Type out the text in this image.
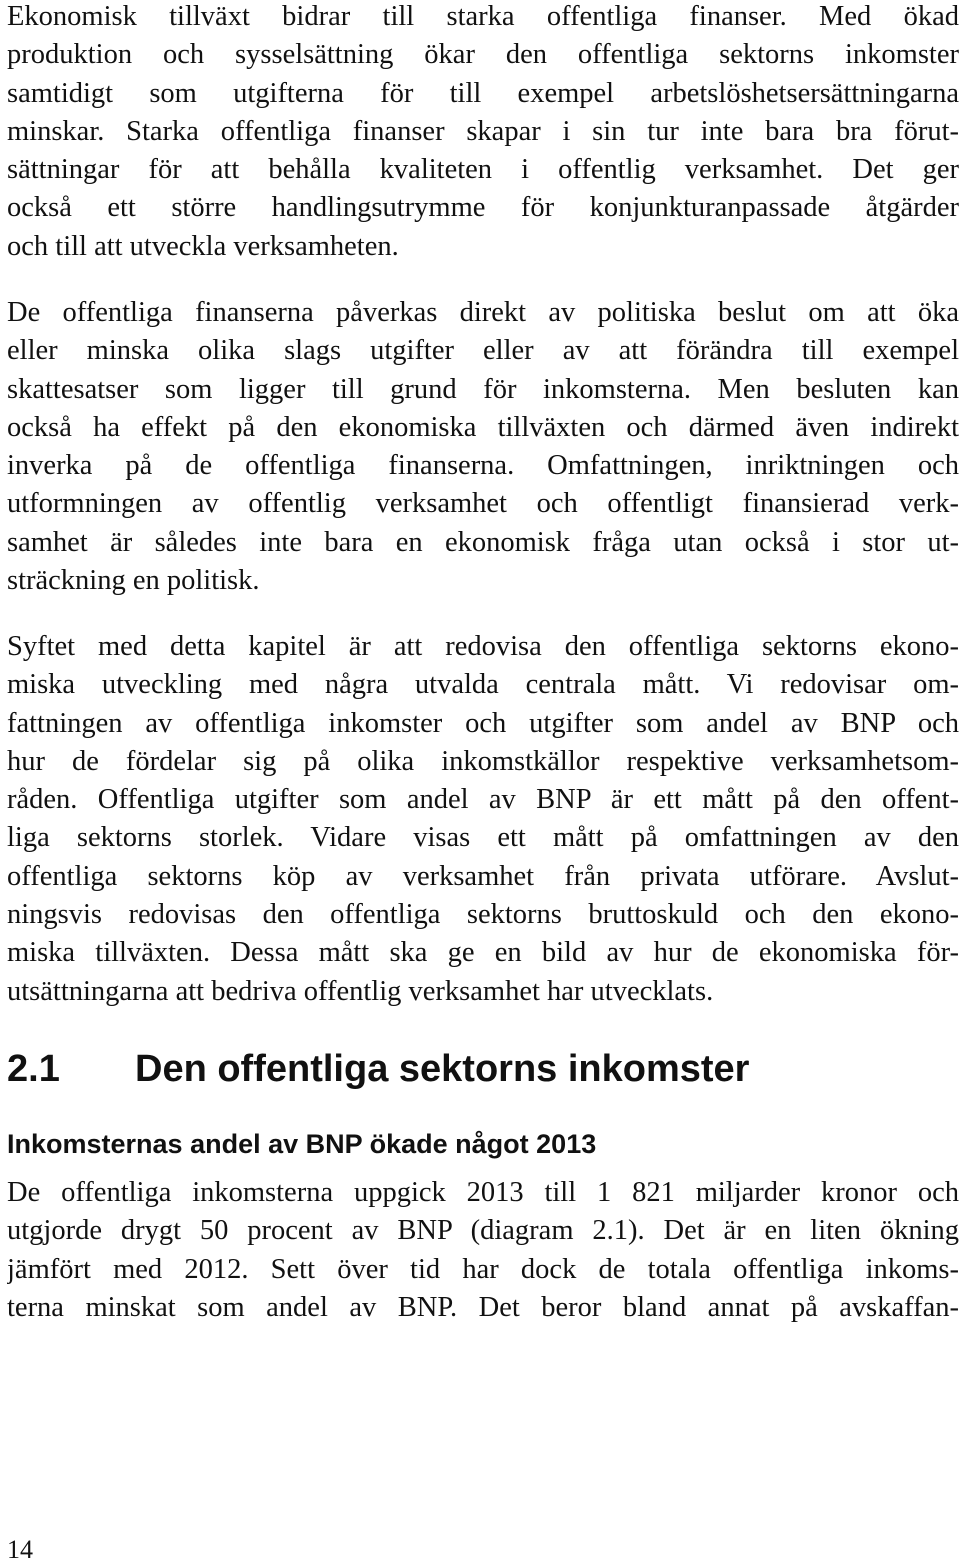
Ekonomisk tillväxt bidrar till starka offentliga finanser. Med ökad
produktion och sysselsättning ökar den offentliga sektorns inkomster
samtidigt som utgifterna för till exempel arbetslöshetsersättningarna
minskar. Starka offentliga finanser skapar i sin tur inte bara bra förut-
sättningar för att behålla kvaliteten i offentlig verksamhet. Det ger
också ett större handlingsutrymme för konjunkturanpassade åtgärder
och till att utveckla verksamheten.
De offentliga finanserna påverkas direkt av politiska beslut om att öka
eller minska olika slags utgifter eller av att förändra till exempel
skattesatser som ligger till grund för inkomsterna. Men besluten kan
också ha effekt på den ekonomiska tillväxten och därmed även indirekt
inverka på de offentliga finanserna. Omfattningen, inriktningen och
utformningen av offentlig verksamhet och offentligt finansierad verk-
samhet är således inte bara en ekonomisk fråga utan också i stor ut-
sträckning en politisk.
Syftet med detta kapitel är att redovisa den offentliga sektorns ekono-
miska utveckling med några utvalda centrala mått. Vi redovisar om-
fattningen av offentliga inkomster och utgifter som andel av BNP och
hur de fördelar sig på olika inkomstkällor respektive verksamhetsom-
råden. Offentliga utgifter som andel av BNP är ett mått på den offent-
liga sektorns storlek. Vidare visas ett mått på omfattningen av den
offentliga sektorns köp av verksamhet från privata utförare. Avslut-
ningsvis redovisas den offentliga sektorns bruttoskuld och den ekono-
miska tillväxten. Dessa mått ska ge en bild av hur de ekonomiska för-
utsättningarna att bedriva offentlig verksamhet har utvecklats.
2.1 Den offentliga sektorns inkomster
Inkomsternas andel av BNP ökade något 2013
De offentliga inkomsterna uppgick 2013 till 1 821 miljarder kronor och
utgjorde drygt 50 procent av BNP (diagram 2.1). Det är en liten ökning
jämfört med 2012. Sett över tid har dock de totala offentliga inkoms-
terna minskat som andel av BNP. Det beror bland annat på avskaffan-
14
